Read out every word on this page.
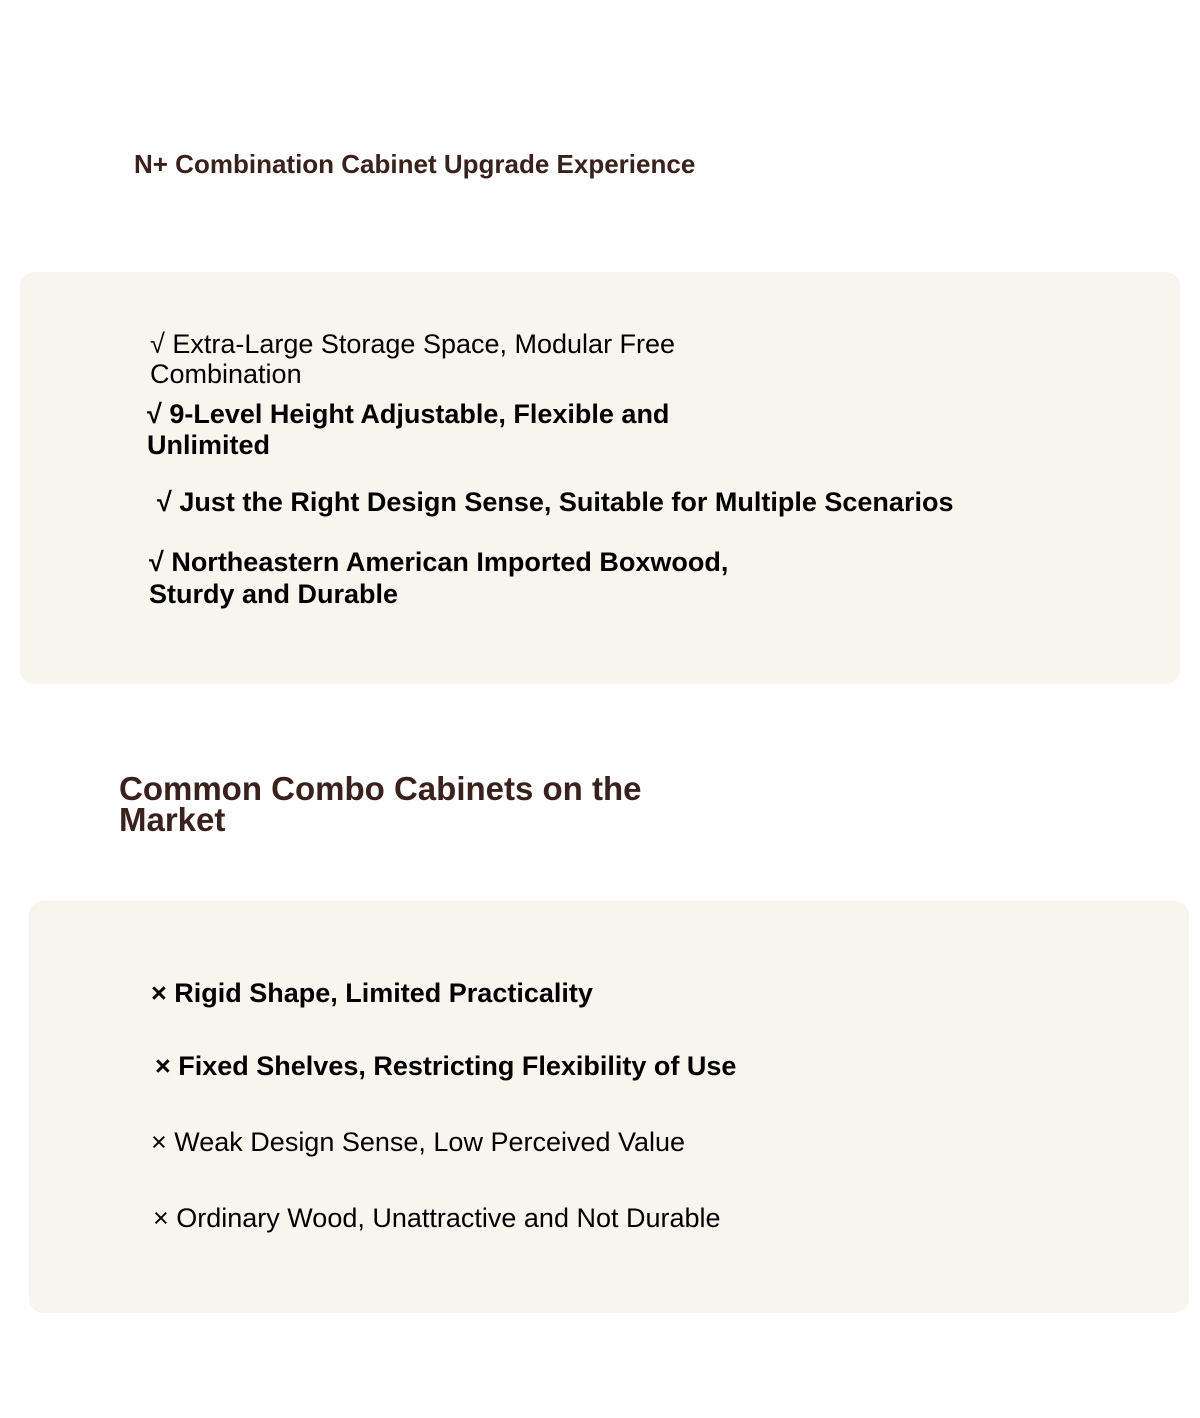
N+ Combination Cabinet Upgrade Experience

√ Extra-Large Storage Space, Modular Free Combination

√ 9-Level Height Adjustable, Flexible and Unlimited

√ Just the Right Design Sense, Suitable for Multiple Scenarios

√ Northeastern American Imported Boxwood, Sturdy and Durable

Common Combo Cabinets on the Market

× Rigid Shape, Limited Practicality

× Fixed Shelves, Restricting Flexibility of Use

× Weak Design Sense, Low Perceived Value

× Ordinary Wood, Unattractive and Not Durable
